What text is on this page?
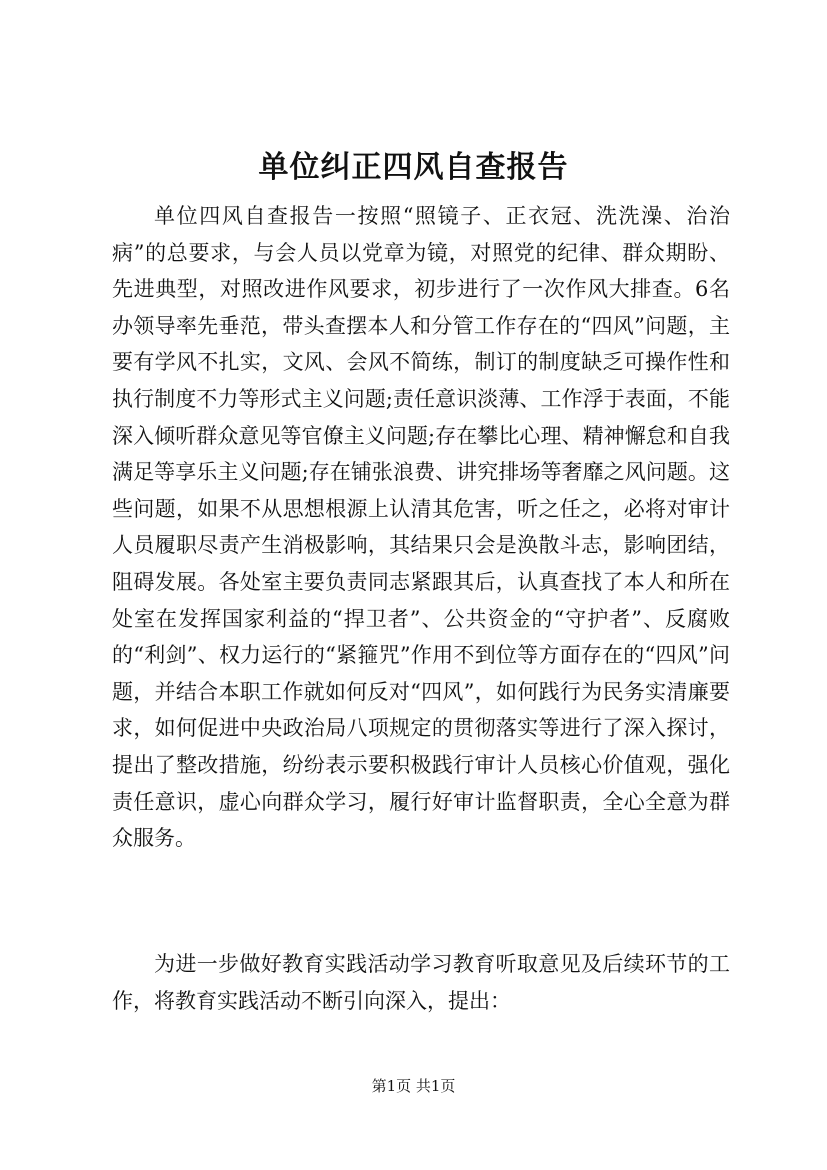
单位纠正四风自查报告

单位四风自查报告一按照“照镜子、正衣冠、洗洗澡、治治病”的总要求，与会人员以党章为镜，对照党的纪律、群众期盼、先进典型，对照改进作风要求，初步进行了一次作风大排查。6名办领导率先垂范，带头查摆本人和分管工作存在的“四风”问题，主要有学风不扎实，文风、会风不简练，制订的制度缺乏可操作性和执行制度不力等形式主义问题;责任意识淡薄、工作浮于表面，不能深入倾听群众意见等官僚主义问题;存在攀比心理、精神懈怠和自我满足等享乐主义问题;存在铺张浪费、讲究排场等奢靡之风问题。这些问题，如果不从思想根源上认清其危害，听之任之，必将对审计人员履职尽责产生消极影响，其结果只会是涣散斗志，影响团结，阻碍发展。各处室主要负责同志紧跟其后，认真查找了本人和所在处室在发挥国家利益的“捍卫者”、公共资金的“守护者”、反腐败的“利剑”、权力运行的“紧箍咒”作用不到位等方面存在的“四风”问题，并结合本职工作就如何反对“四风”，如何践行为民务实清廉要求，如何促进中央政治局八项规定的贯彻落实等进行了深入探讨，提出了整改措施，纷纷表示要积极践行审计人员核心价值观，强化责任意识，虚心向群众学习，履行好审计监督职责，全心全意为群众服务。

为进一步做好教育实践活动学习教育听取意见及后续环节的工作，将教育实践活动不断引向深入，提出：

第1页 共1页
